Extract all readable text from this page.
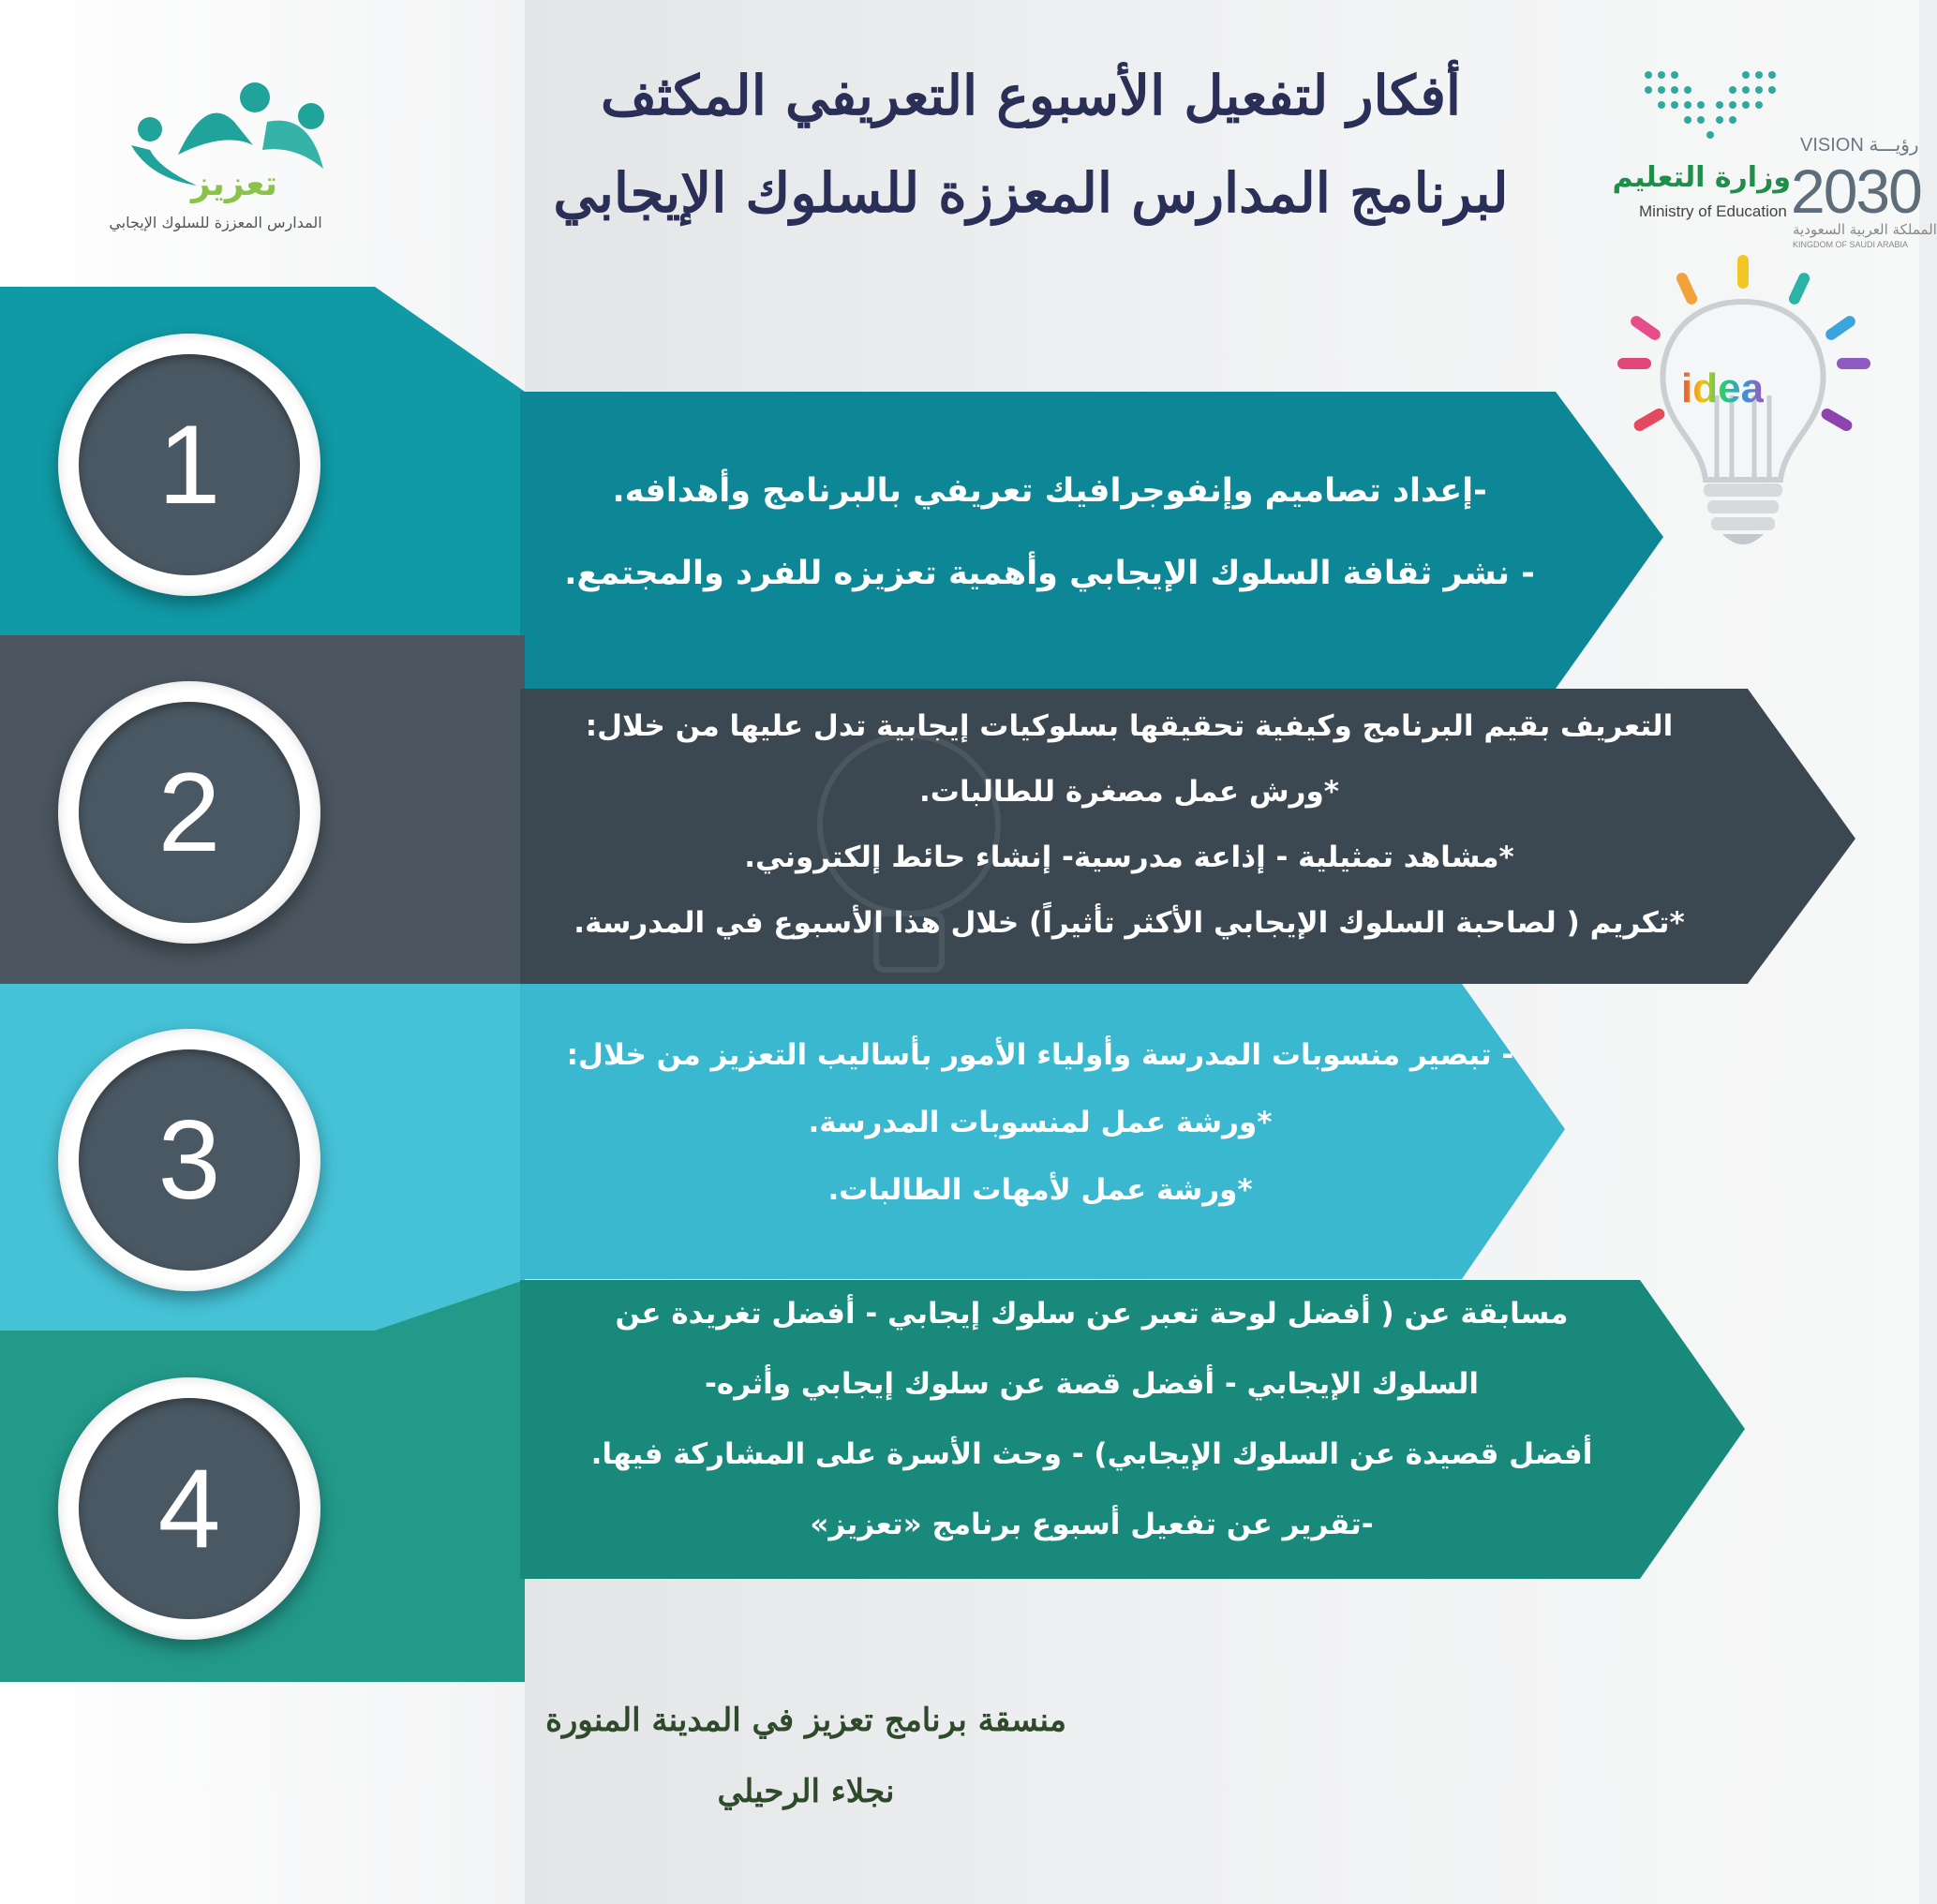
1
2
3
4

-إعداد تصاميم وإنفوجرافيك تعريفي بالبرنامج وأهدافه.

- نشر ثقافة السلوك الإيجابي وأهمية تعزيزه للفرد والمجتمع.

التعريف بقيم البرنامج وكيفية تحقيقها بسلوكيات إيجابية تدل عليها من خلال:

*ورش عمل مصغرة للطالبات.

*مشاهد تمثيلية - إذاعة مدرسية- إنشاء حائط إلكتروني.

*تكريم ( لصاحبة السلوك الإيجابي الأكثر تأثيراً) خلال هذا الأسبوع في المدرسة.

- تبصير منسوبات المدرسة وأولياء الأمور بأساليب التعزيز من خلال:

*ورشة عمل لمنسوبات المدرسة.

*ورشة عمل لأمهات الطالبات.

مسابقة عن ( أفضل لوحة تعبر عن سلوك إيجابي - أفضل تغريدة عن

السلوك الإيجابي - أفضل قصة عن سلوك إيجابي وأثره-

أفضل قصيدة عن السلوك الإيجابي) - وحث الأسرة على المشاركة فيها.

-تقرير عن تفعيل أسبوع برنامج «تعزيز»

أفكار لتفعيل الأسبوع التعريفي المكثف
لبرنامج المدارس المعززة للسلوك الإيجابي
تعزيز
المدارس المعززة للسلوك الإيجابي
VISION رؤيـــة
وزارة التعليم
Ministry of Education 2030
المملكة العربية السعودية
KINGDOM OF SAUDI ARABIA
idea
منسقة برنامج تعزيز في المدينة المنورة
نجلاء الرحيلي
